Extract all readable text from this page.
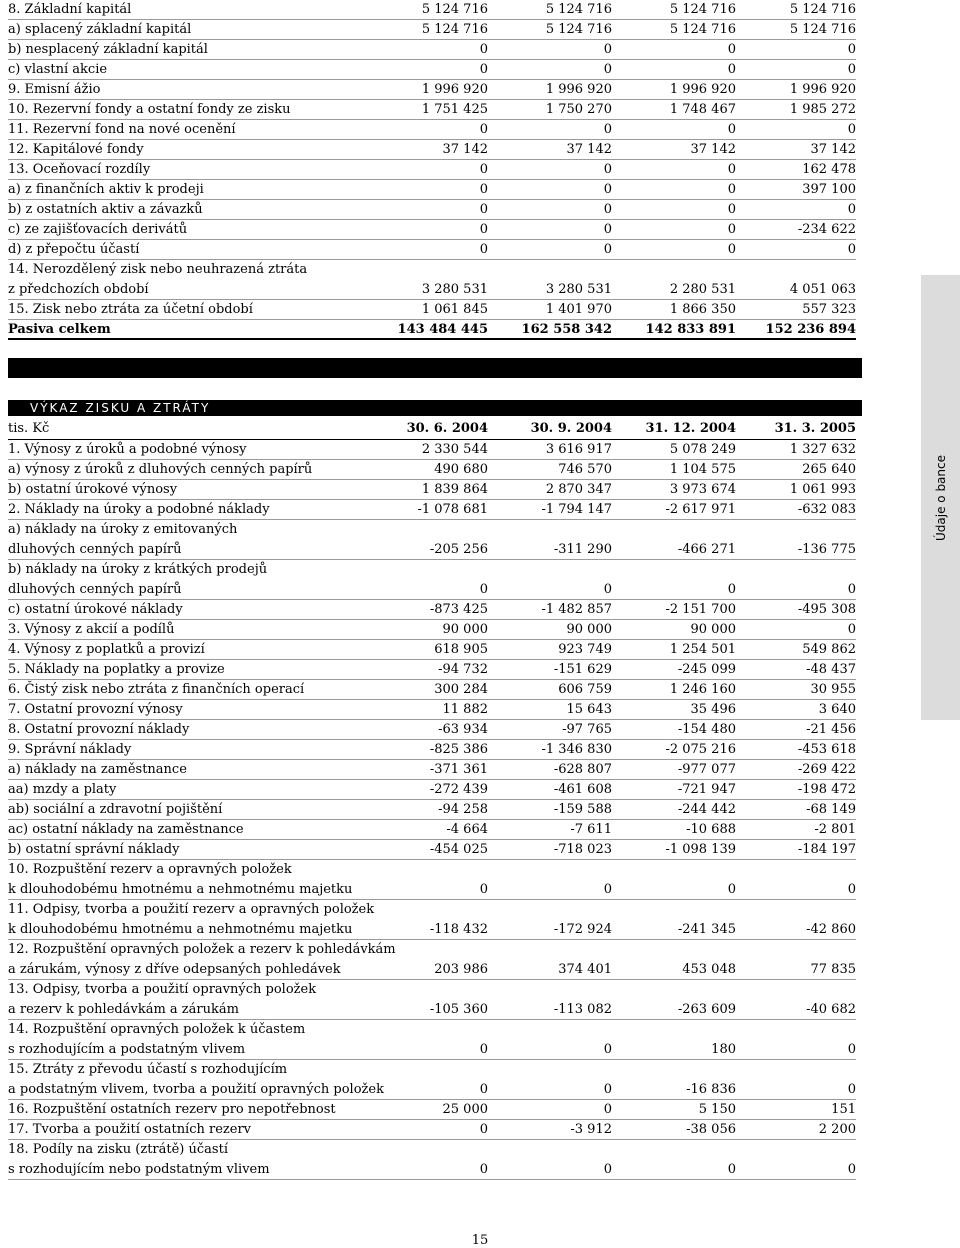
8. Základní kapitál	5 124 716	5 124 716	5 124 716	5 124 716
a) splacený základní kapitál	5 124 716	5 124 716	5 124 716	5 124 716
b) nesplacený základní kapitál	0	0	0	0
c) vlastní akcie	0	0	0	0
9. Emisní ážio	1 996 920	1 996 920	1 996 920	1 996 920
10. Rezervní fondy a ostatní fondy ze zisku	1 751 425	1 750 270	1 748 467	1 985 272
11. Rezervní fond na nové ocenění	0	0	0	0
12. Kapitálové fondy	37 142	37 142	37 142	37 142
13. Oceňovací rozdíly	0	0	0	162 478
a) z finančních aktiv k prodeji	0	0	0	397 100
b) z ostatních aktiv a závazků	0	0	0	0
c) ze zajišťovacích derivátů	0	0	0	-234 622
d) z přepočtu účastí	0	0	0	0
14. Nerozdělený zisk nebo neuhrazená ztráta
z předchozích období	3 280 531	3 280 531	2 280 531	4 051 063
15. Zisk nebo ztráta za účetní období	1 061 845	1 401 970	1 866 350	557 323
Pasiva celkem	143 484 445	162 558 342	142 833 891	152 236 894
VÝKAZ ZISKU A ZTRÁTY
tis. Kč	30. 6. 2004	30. 9. 2004	31. 12. 2004	31. 3. 2005
1. Výnosy z úroků a podobné výnosy	2 330 544	3 616 917	5 078 249	1 327 632
a) výnosy z úroků z dluhových cenných papírů	490 680	746 570	1 104 575	265 640
b) ostatní úrokové výnosy	1 839 864	2 870 347	3 973 674	1 061 993
2. Náklady na úroky a podobné náklady	-1 078 681	-1 794 147	-2 617 971	-632 083
a) náklady na úroky z emitovaných
dluhových cenných papírů	-205 256	-311 290	-466 271	-136 775
b) náklady na úroky z krátkých prodejů
dluhových cenných papírů	0	0	0	0
c) ostatní úrokové náklady	-873 425	-1 482 857	-2 151 700	-495 308
3. Výnosy z akcií a podílů	90 000	90 000	90 000	0
4. Výnosy z poplatků a provizí	618 905	923 749	1 254 501	549 862
5. Náklady na poplatky a provize	-94 732	-151 629	-245 099	-48 437
6. Čistý zisk nebo ztráta z finančních operací	300 284	606 759	1 246 160	30 955
7. Ostatní provozní výnosy	11 882	15 643	35 496	3 640
8. Ostatní provozní náklady	-63 934	-97 765	-154 480	-21 456
9. Správní náklady	-825 386	-1 346 830	-2 075 216	-453 618
a) náklady na zaměstnance	-371 361	-628 807	-977 077	-269 422
aa) mzdy a platy	-272 439	-461 608	-721 947	-198 472
ab) sociální a zdravotní pojištění	-94 258	-159 588	-244 442	-68 149
ac) ostatní náklady na zaměstnance	-4 664	-7 611	-10 688	-2 801
b) ostatní správní náklady	-454 025	-718 023	-1 098 139	-184 197
10. Rozpuštění rezerv a opravných položek
k dlouhodobému hmotnému a nehmotnému majetku	0	0	0	0
11. Odpisy, tvorba a použití rezerv a opravných položek
k dlouhodobému hmotnému a nehmotnému majetku	-118 432	-172 924	-241 345	-42 860
12. Rozpuštění opravných položek a rezerv k pohledávkám
a zárukám, výnosy z dříve odepsaných pohledávek	203 986	374 401	453 048	77 835
13. Odpisy, tvorba a použití opravných položek
a rezerv k pohledávkám a zárukám	-105 360	-113 082	-263 609	-40 682
14. Rozpuštění opravných položek k účastem
s rozhodujícím a podstatným vlivem	0	0	180	0
15. Ztráty z převodu účastí s rozhodujícím
a podstatným vlivem, tvorba a použití opravných položek	0	0	-16 836	0
16. Rozpuštění ostatních rezerv pro nepotřebnost	25 000	0	5 150	151
17. Tvorba a použití ostatních rezerv	0	-3 912	-38 056	2 200
18. Podíly na zisku (ztrátě) účastí
s rozhodujícím nebo podstatným vlivem	0	0	0	0
Údaje o bance
15
